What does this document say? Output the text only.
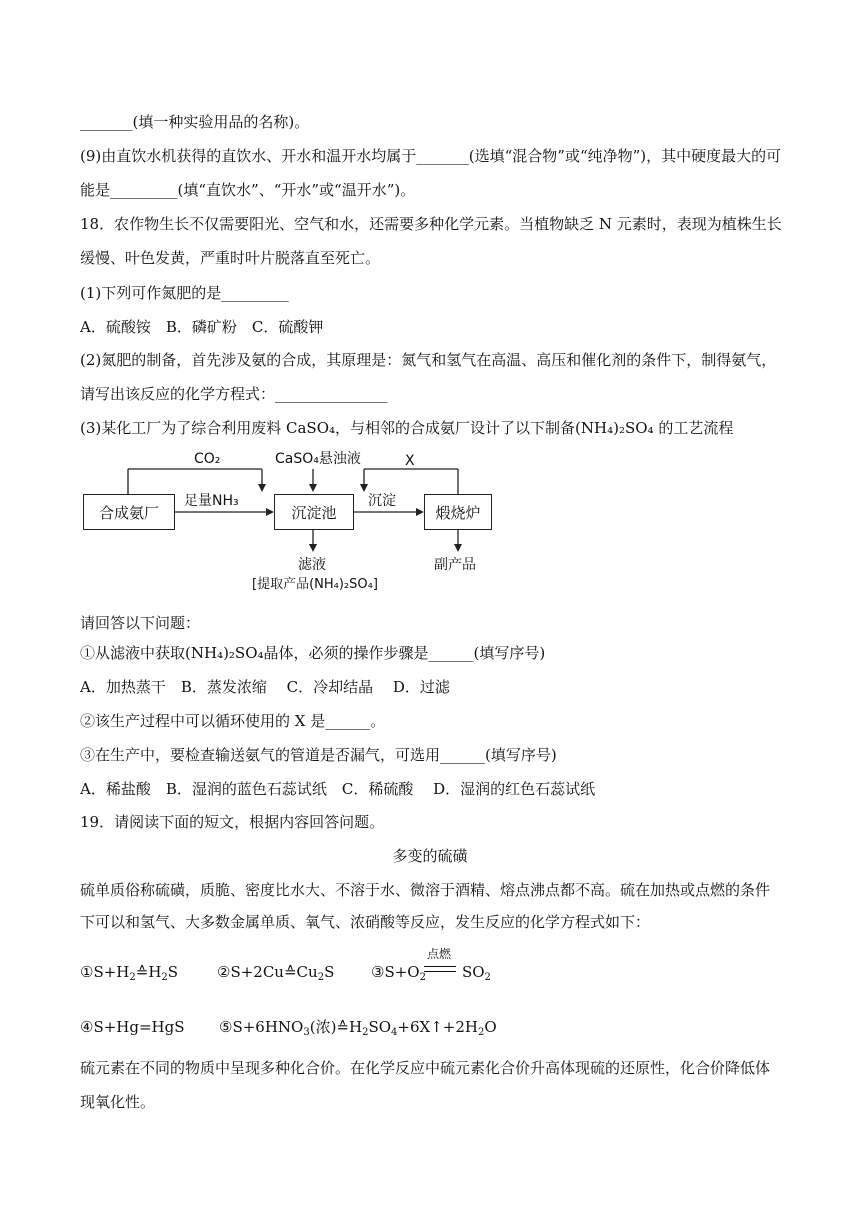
_______(填一种实验用品的名称)。
(9)由直饮水机获得的直饮水、开水和温开水均属于_______(选填“混合物”或“纯净物”)，其中硬度最大的可
能是_________(填“直饮水”、“开水”或“温开水”)。
18．农作物生长不仅需要阳光、空气和水，还需要多种化学元素。当植物缺乏 N 元素时，表现为植株生长
缓慢、叶色发黄，严重时叶片脱落直至死亡。
(1)下列可作氮肥的是_________
A．硫酸铵　B．磷矿粉　C．硫酸钾
(2)氮肥的制备，首先涉及氨的合成，其原理是：氮气和氢气在高温、高压和催化剂的条件下，制得氨气，
请写出该反应的化学方程式：_______________
(3)某化工厂为了综合利用废料 CaSO₄，与相邻的合成氨厂设计了以下制备(NH₄)₂SO₄ 的工艺流程
合成氨厂	沉淀池	煅烧炉
CO₂	CaSO₄悬浊液	X
足量NH₃	沉淀
滤液
[提取产品(NH₄)₂SO₄]
副产品
请回答以下问题：
①从滤液中获取(NH₄)₂SO₄晶体，必须的操作步骤是______(填写序号)
A．加热蒸干　B．蒸发浓缩　 C．冷却结晶　 D．过滤
②该生产过程中可以循环使用的 X 是______。
③在生产中，要检查输送氨气的管道是否漏气，可选用______(填写序号)
A．稀盐酸　B．湿润的蓝色石蕊试纸　C．稀硫酸　 D．湿润的红色石蕊试纸
19．请阅读下面的短文，根据内容回答问题。
多变的硫磺
硫单质俗称硫磺，质脆、密度比水大、不溶于水、微溶于酒精、熔点沸点都不高。硫在加热或点燃的条件
下可以和氢气、大多数金属单质、氧气、浓硝酸等反应，发生反应的化学方程式如下：
$①S+H_2≙H_2S$	$②S+2Cu≙Cu_2S$ $③S+O_2$ $SO_2$
点燃
④S+Hg=HgS $⑤S+6HNO_3$(浓)$≙H_2SO_4+6X↑+2H_2O$
硫元素在不同的物质中呈现多种化合价。在化学反应中硫元素化合价升高体现硫的还原性，化合价降低体
现氧化性。
